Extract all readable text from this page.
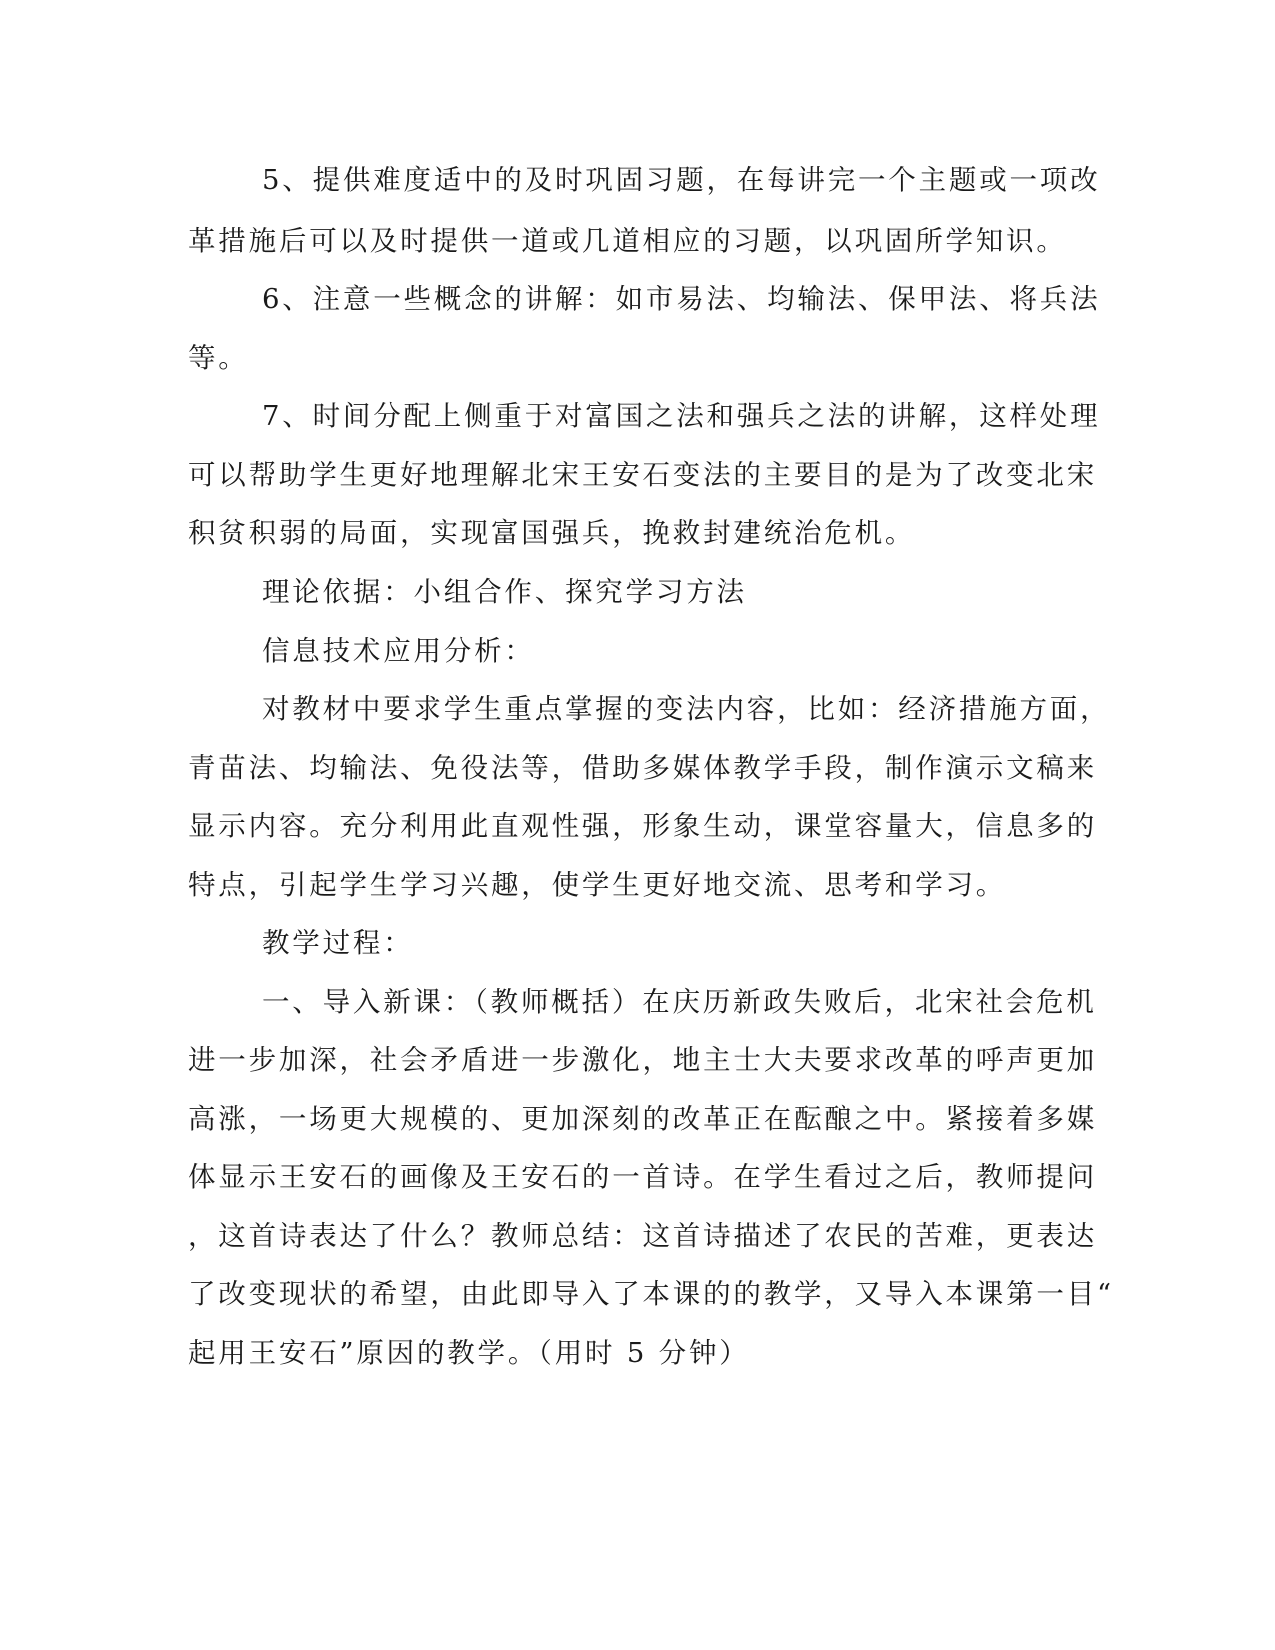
5、提供难度适中的及时巩固习题，在每讲完一个主题或一项改

革措施后可以及时提供一道或几道相应的习题，以巩固所学知识。

6、注意一些概念的讲解：如市易法、均输法、保甲法、将兵法

等。

7、时间分配上侧重于对富国之法和强兵之法的讲解，这样处理

可以帮助学生更好地理解北宋王安石变法的主要目的是为了改变北宋

积贫积弱的局面，实现富国强兵，挽救封建统治危机。

理论依据：小组合作、探究学习方法

信息技术应用分析：

对教材中要求学生重点掌握的变法内容，比如：经济措施方面，

青苗法、均输法、免役法等，借助多媒体教学手段，制作演示文稿来

显示内容。充分利用此直观性强，形象生动，课堂容量大，信息多的

特点，引起学生学习兴趣，使学生更好地交流、思考和学习。

教学过程：

一、导入新课：（教师概括）在庆历新政失败后，北宋社会危机

进一步加深，社会矛盾进一步激化，地主士大夫要求改革的呼声更加

高涨，一场更大规模的、更加深刻的改革正在酝酿之中。紧接着多媒

体显示王安石的画像及王安石的一首诗。在学生看过之后，教师提问

，这首诗表达了什么？教师总结：这首诗描述了农民的苦难，更表达

了改变现状的希望，由此即导入了本课的的教学，又导入本课第一目“

起用王安石”原因的教学。（用时 5 分钟）
